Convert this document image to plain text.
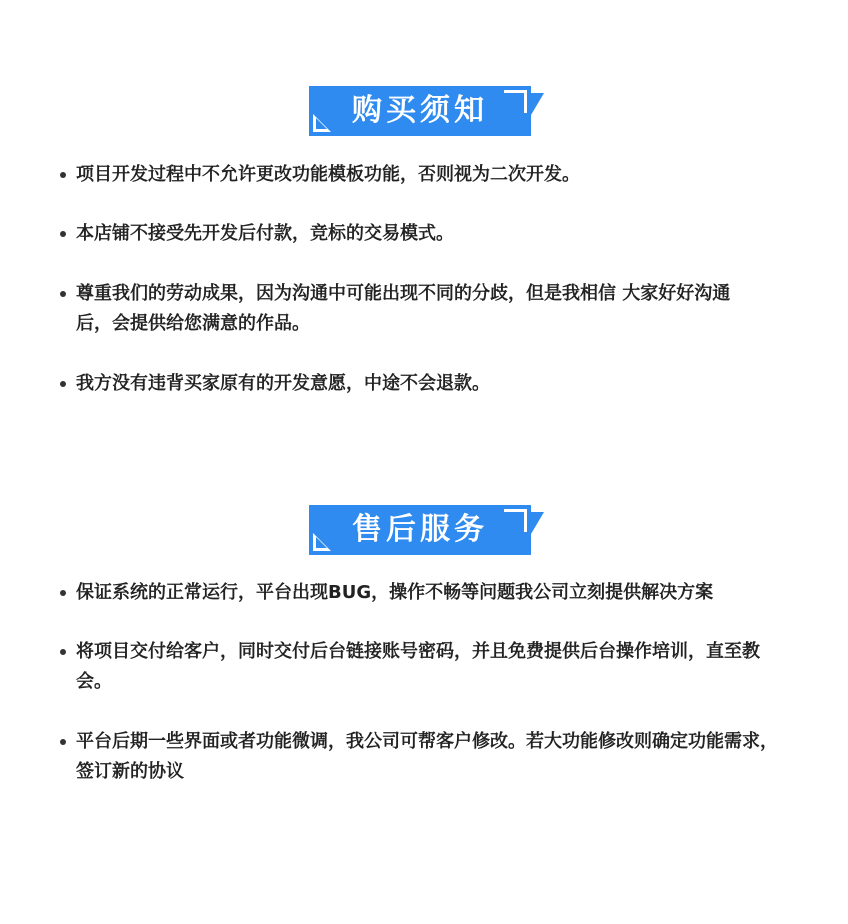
购买须知
项目开发过程中不允许更改功能模板功能，否则视为二次开发。
本店铺不接受先开发后付款，竞标的交易模式。
尊重我们的劳动成果，因为沟通中可能出现不同的分歧，但是我相信 大家好好沟通后，会提供给您满意的作品。
我方没有违背买家原有的开发意愿，中途不会退款。
售后服务
保证系统的正常运行，平台出现BUG，操作不畅等问题我公司立刻提供解决方案
将项目交付给客户，同时交付后台链接账号密码，并且免费提供后台操作培训，直至教会。
平台后期一些界面或者功能微调，我公司可帮客户修改。若大功能修改则确定功能需求，签订新的协议
